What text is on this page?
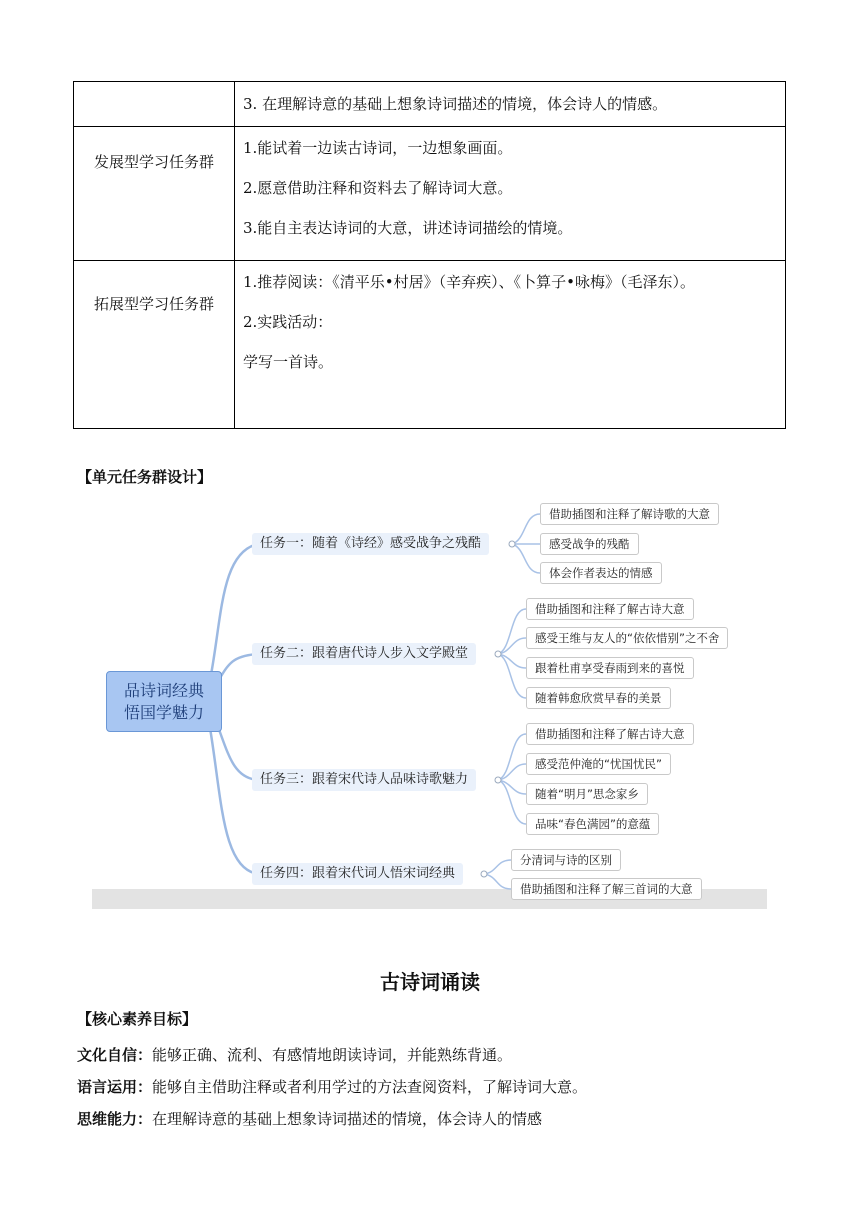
	3. 在理解诗意的基础上想象诗词描述的情境，体会诗人的情感。

发展型学习任务群	1.能试着一边读古诗词，一边想象画面。
2.愿意借助注释和资料去了解诗词大意。
3.能自主表达诗词的大意，讲述诗词描绘的情境。

拓展型学习任务群	1.推荐阅读：《清平乐•村居》（辛弃疾）、《卜算子•咏梅》（毛泽东）。
2.实践活动：
学写一首诗。
【单元任务群设计】
品诗词经典
悟国学魅力
任务一：随着《诗经》感受战争之残酷
任务二：跟着唐代诗人步入文学殿堂
任务三：跟着宋代诗人品味诗歌魅力
任务四：跟着宋代词人悟宋词经典
借助插图和注释了解诗歌的大意
感受战争的残酷
体会作者表达的情感
借助插图和注释了解古诗大意
感受王维与友人的“依依惜别”之不舍
跟着杜甫享受春雨到来的喜悦
随着韩愈欣赏早春的美景
借助插图和注释了解古诗大意
感受范仲淹的“忧国忧民”
随着“明月”思念家乡
品味“春色满园”的意蕴
分清词与诗的区别
借助插图和注释了解三首词的大意
古诗词诵读
【核心素养目标】
文化自信：能够正确、流利、有感情地朗读诗词，并能熟练背通。
语言运用：能够自主借助注释或者利用学过的方法查阅资料，了解诗词大意。
思维能力：在理解诗意的基础上想象诗词描述的情境，体会诗人的情感
